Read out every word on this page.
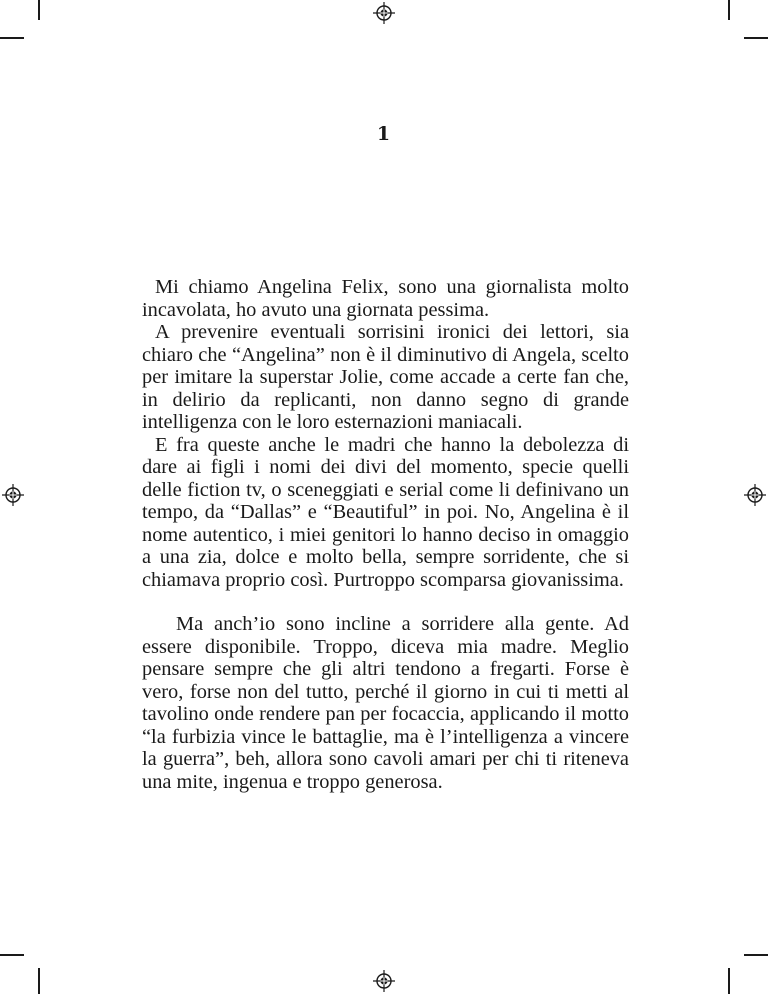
1

Mi chiamo Angelina Felix, sono una giornalista molto incavolata, ho avuto una giornata pessima.

A prevenire eventuali sorrisini ironici dei lettori, sia chiaro che “Angelina” non è il diminutivo di Angela, scelto per imitare la superstar Jolie, come accade a certe fan che, in delirio da replicanti, non danno segno di grande intelligenza con le loro esternazioni maniacali.

E fra queste anche le madri che hanno la debolezza di dare ai figli i nomi dei divi del momento, specie quelli delle fiction tv, o sceneggiati e serial come li definivano un tempo, da “Dallas” e “Beautiful” in poi. No, Angelina è il nome autentico, i miei genitori lo hanno deciso in omaggio a una zia, dolce e molto bella, sempre sorridente, che si chiamava proprio così. Purtroppo scomparsa giovanissima.

Ma anch’io sono incline a sorridere alla gente. Ad essere disponibile. Troppo, diceva mia madre. Meglio pensare sempre che gli altri tendono a fregarti. Forse è vero, forse non del tutto, perché il giorno in cui ti metti al tavolino onde rendere pan per focaccia, applicando il motto “la furbizia vince le battaglie, ma è l’intelligenza a vincere la guerra”, beh, allora sono cavoli amari per chi ti riteneva una mite, ingenua e troppo generosa.
